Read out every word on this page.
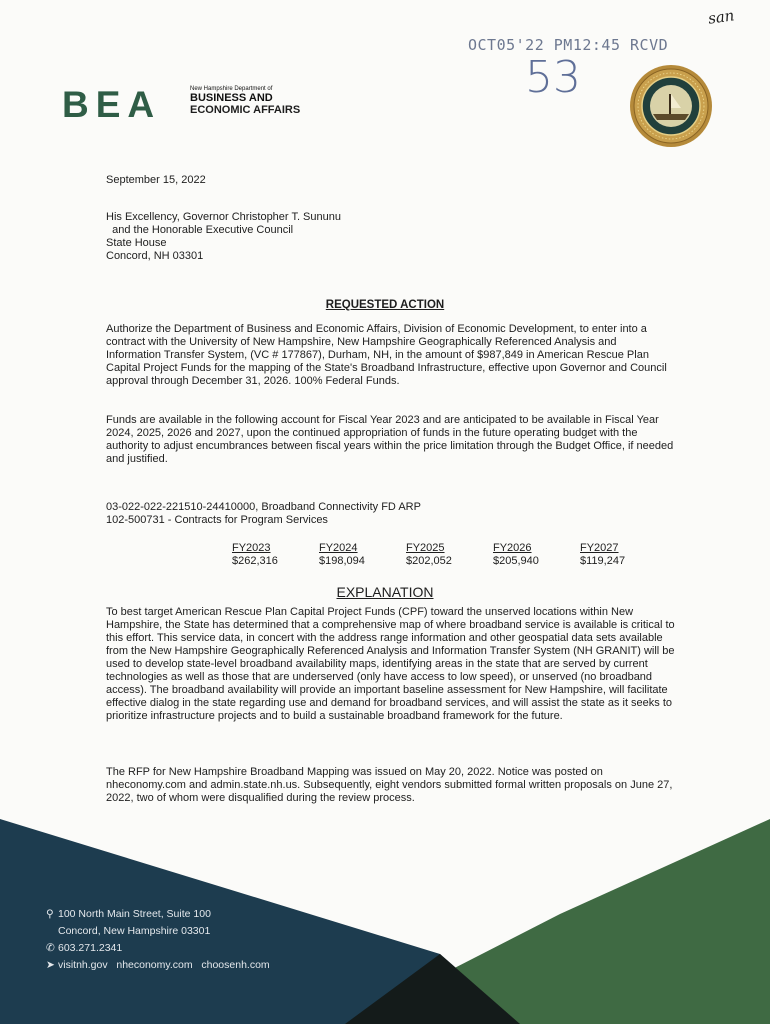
san
OCT05'22 PM12:45 RCVD
53
BEA	New Hampshire Department of
BUSINESS AND
ECONOMIC AFFAIRS
September 15, 2022
His Excellency, Governor Christopher T. Sununu
and the Honorable Executive Council
State House
Concord, NH 03301
REQUESTED ACTION
Authorize the Department of Business and Economic Affairs, Division of Economic Development, to enter into a contract with the University of New Hampshire, New Hampshire Geographically Referenced Analysis and Information Transfer System, (VC # 177867), Durham, NH, in the amount of $987,849 in American Rescue Plan Capital Project Funds for the mapping of the State's Broadband Infrastructure, effective upon Governor and Council approval through December 31, 2026. 100% Federal Funds.
Funds are available in the following account for Fiscal Year 2023 and are anticipated to be available in Fiscal Year 2024, 2025, 2026 and 2027, upon the continued appropriation of funds in the future operating budget with the authority to adjust encumbrances between fiscal years within the price limitation through the Budget Office, if needed and justified.
03-022-022-221510-24410000, Broadband Connectivity FD ARP
102-500731 - Contracts for Program Services
FY2023	FY2024	FY2025	FY2026	FY2027
$262,316	$198,094	$202,052	$205,940	$119,247
EXPLANATION
To best target American Rescue Plan Capital Project Funds (CPF) toward the unserved locations within New Hampshire, the State has determined that a comprehensive map of where broadband service is available is critical to this effort. This service data, in concert with the address range information and other geospatial data sets available from the New Hampshire Geographically Referenced Analysis and Information Transfer System (NH GRANIT) will be used to develop state-level broadband availability maps, identifying areas in the state that are served by current technologies as well as those that are underserved (only have access to low speed), or unserved (no broadband access). The broadband availability will provide an important baseline assessment for New Hampshire, will facilitate effective dialog in the state regarding use and demand for broadband services, and will assist the state as it seeks to prioritize infrastructure projects and to build a sustainable broadband framework for the future.
The RFP for New Hampshire Broadband Mapping was issued on May 20, 2022. Notice was posted on nheconomy.com and admin.state.nh.us. Subsequently, eight vendors submitted formal written proposals on June 27, 2022, two of whom were disqualified during the review process.
⚲ 100 North Main Street, Suite 100
Concord, New Hampshire 03301
✆ 603.271.2341
➤ visitnh.gov   nheconomy.com   choosenh.com
